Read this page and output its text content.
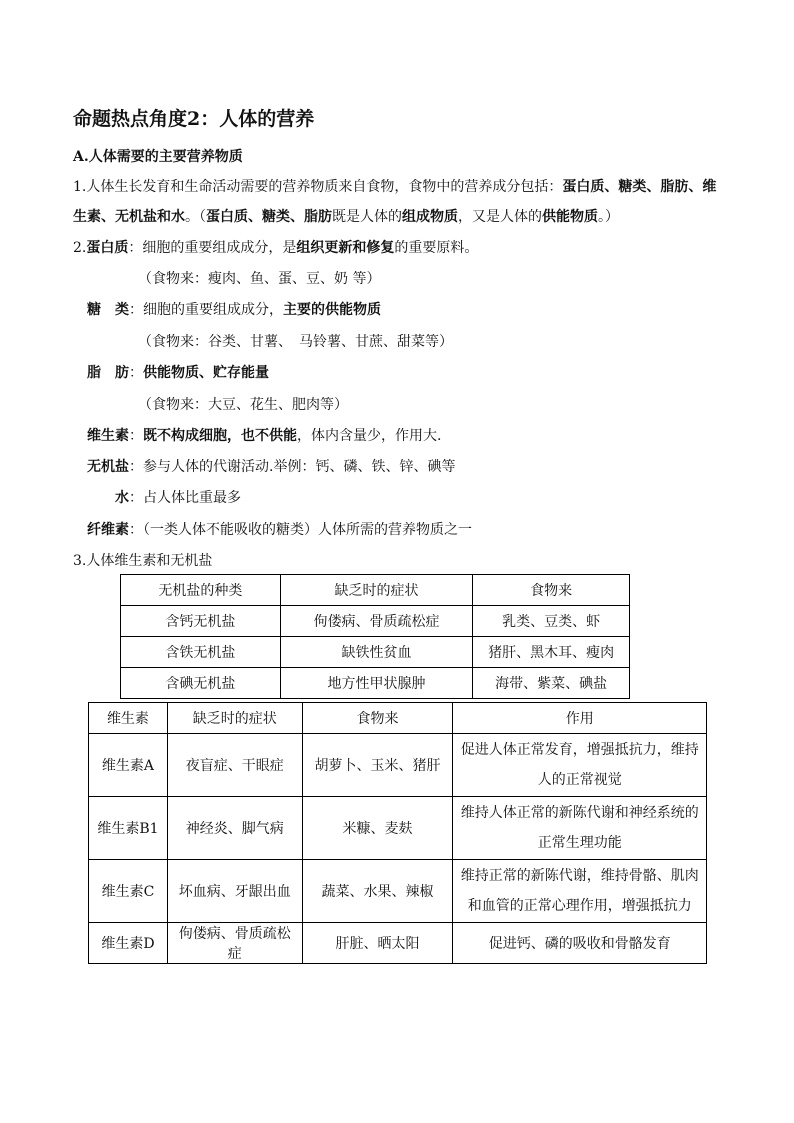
命题热点角度2：人体的营养
A.人体需要的主要营养物质
1.人体生长发育和生命活动需要的营养物质来自食物，食物中的营养成分包括：蛋白质、糖类、脂肪、维
生素、无机盐和水。（蛋白质、糖类、脂肪既是人体的组成物质，又是人体的供能物质。）
2.蛋白质：细胞的重要组成成分，是组织更新和修复的重要原料。
（食物来：瘦肉、鱼、蛋、豆、奶 等）
糖　类：细胞的重要组成成分，主要的供能物质
（食物来：谷类、甘薯、　马铃薯、甘蔗、甜菜等）
脂　肪：供能物质、贮存能量
（食物来：大豆、花生、肥肉等）
维生素：既不构成细胞，也不供能，体内含量少，作用大.
无机盐：参与人体的代谢活动.举例：钙、磷、铁、锌、碘等
水：占人体比重最多
纤维素：（一类人体不能吸收的糖类）人体所需的营养物质之一
3.人体维生素和无机盐
无机盐的种类	缺乏时的症状	食物来
含钙无机盐	佝偻病、骨质疏松症	乳类、豆类、虾
含铁无机盐	缺铁性贫血	猪肝、黑木耳、瘦肉
含碘无机盐	地方性甲状腺肿	海带、紫菜、碘盐
维生素	缺乏时的症状	食物来	作用
维生素A	夜盲症、干眼症	胡萝卜、玉米、猪肝	促进人体正常发育，增强抵抗力，维持人的正常视觉
维生素B1	神经炎、脚气病	米糠、麦麸	维持人体正常的新陈代谢和神经系统的正常生理功能
维生素C	坏血病、牙龈出血	蔬菜、水果、辣椒	维持正常的新陈代谢，维持骨骼、肌肉和血管的正常心理作用，增强抵抗力
维生素D	佝偻病、骨质疏松症	肝脏、晒太阳	促进钙、磷的吸收和骨骼发育
